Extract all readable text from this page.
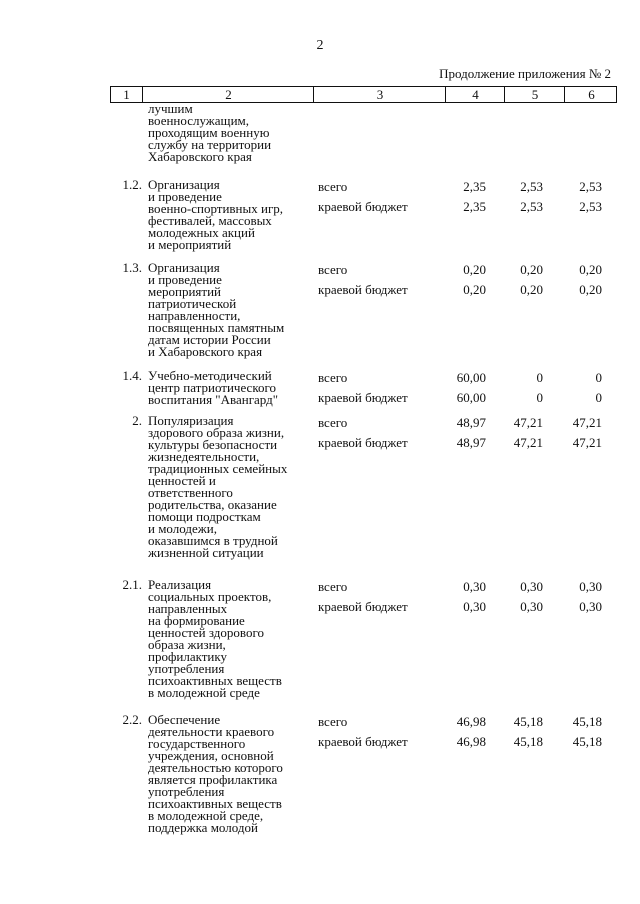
2
Продолжение приложения № 2
1	2	3	4	5	6
лучшим
военнослужащим,
проходящим военную
службу на территории
Хабаровского края
1.2. Организация
и проведение
военно-спортивных игр,
фестивалей, массовых
молодежных акций
и мероприятий
всего	2,35	2,53	2,53
краевой бюджет	2,35	2,53	2,53
1.3. Организация
и проведение
мероприятий
патриотической
направленности,
посвященных памятным
датам истории России
и Хабаровского края
всего	0,20	0,20	0,20
краевой бюджет	0,20	0,20	0,20
1.4. Учебно-методический
центр патриотического
воспитания "Авангард"
всего	60,00	0	0
краевой бюджет	60,00	0	0
2. Популяризация
здорового образа жизни,
культуры безопасности
жизнедеятельности,
традиционных семейных
ценностей и
ответственного
родительства, оказание
помощи подросткам
и молодежи,
оказавшимся в трудной
жизненной ситуации
всего	48,97	47,21	47,21
краевой бюджет	48,97	47,21	47,21
2.1. Реализация
социальных проектов,
направленных
на формирование
ценностей здорового
образа жизни,
профилактику
употребления
психоактивных веществ
в молодежной среде
всего	0,30	0,30	0,30
краевой бюджет	0,30	0,30	0,30
2.2. Обеспечение
деятельности краевого
государственного
учреждения, основной
деятельностью которого
является профилактика
употребления
психоактивных веществ
в молодежной среде,
поддержка молодой
всего	46,98	45,18	45,18
краевой бюджет	46,98	45,18	45,18
